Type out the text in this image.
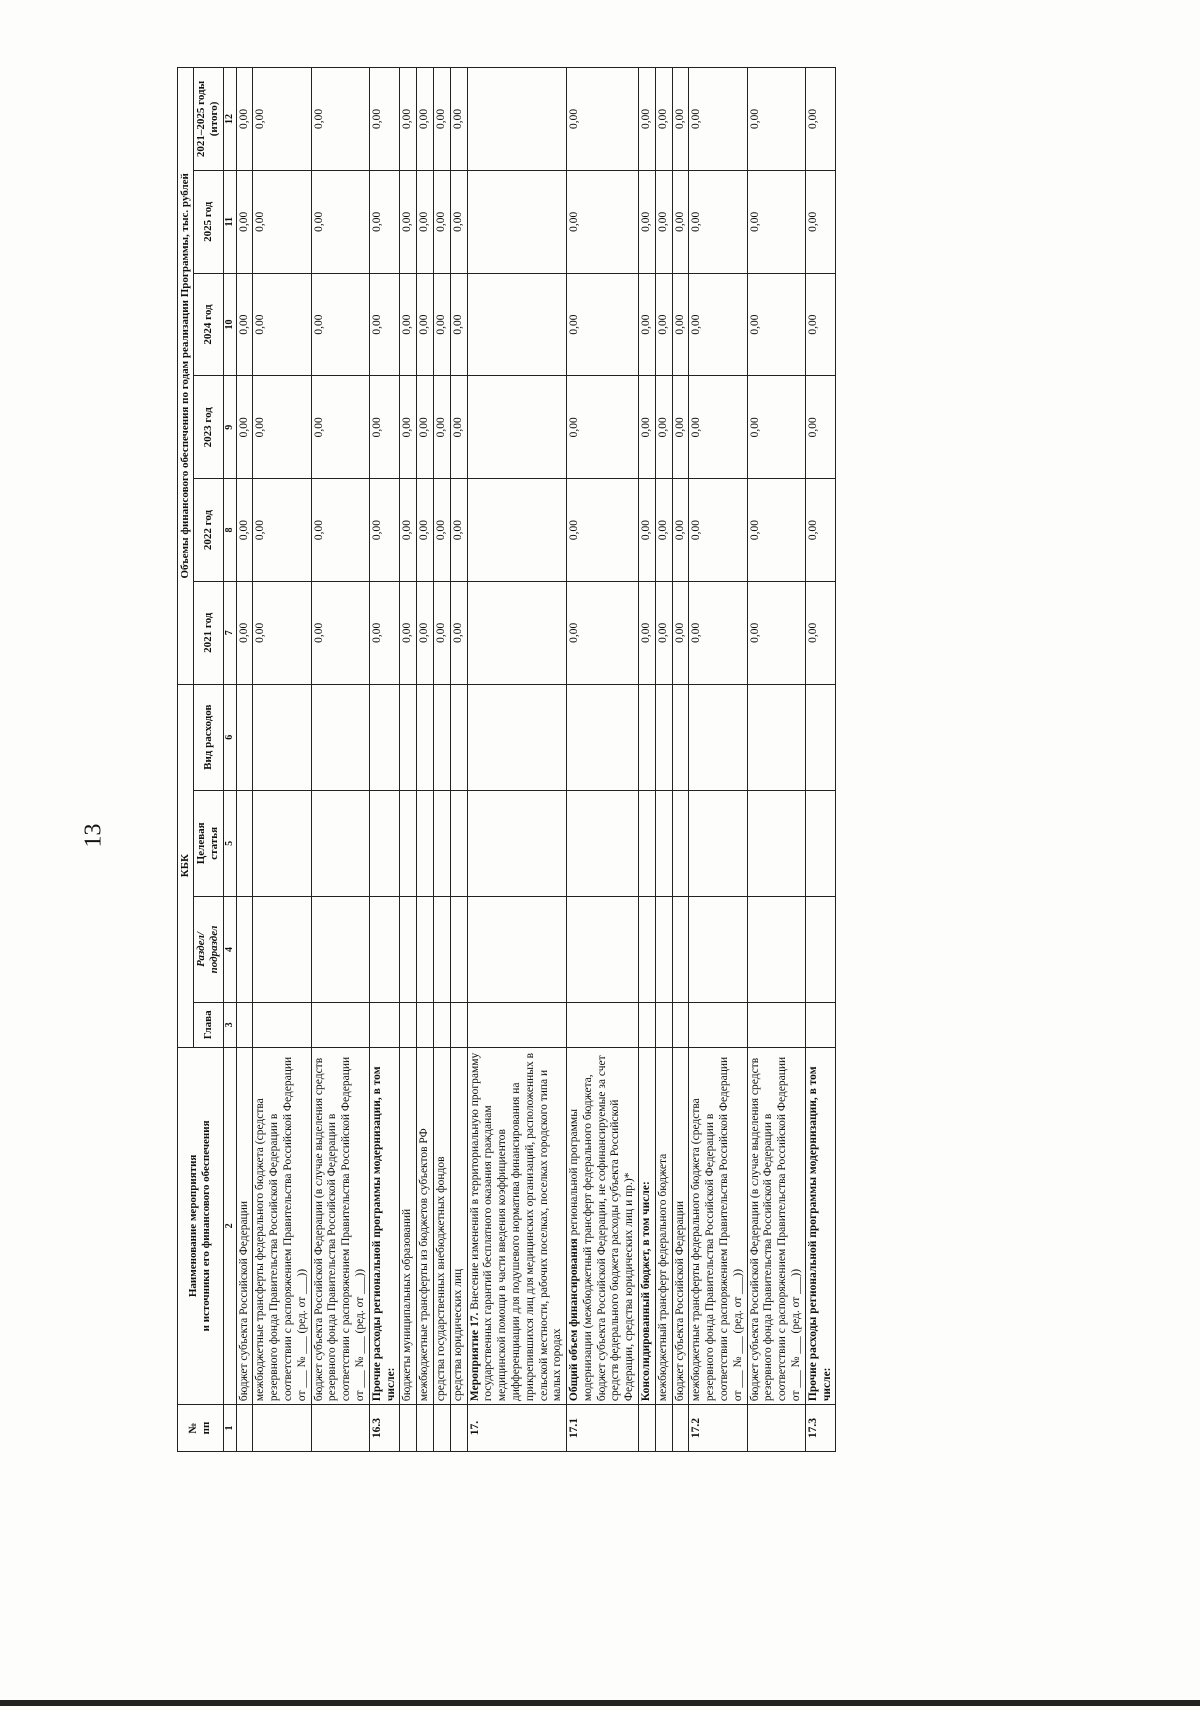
13
№
пп	Наименование мероприятия
и источники его финансового обеспечения	КБК				Объемы финансового обеспечения по годам реализации Программы, тыс. рублей					
		Глава	Раздел/
подраздел	Целевая
статья	Вид расходов	2021 год	2022 год	2023 год	2024 год	2025 год	2021–2025 годы
(итого)

1	2	3	4	5	6	7	8	9	10	11	12
	бюджет субъекта Российской Федерации					0,00	0,00	0,00	0,00	0,00	0,00
	межбюджетные трансферты федерального бюджета (средства резервного фонда Правительства Российской Федерации в соответствии с распоряжением Правительства Российской Федерации от ___ № ___ (ред. от ___))					0,00	0,00	0,00	0,00	0,00	0,00
	бюджет субъекта Российской Федерации (в случае выделения средств резервного фонда Правительства Российской Федерации в соответствии с распоряжением Правительства Российской Федерации от ___ № ___ (ред. от ___))					0,00	0,00	0,00	0,00	0,00	0,00
16.3	Прочие расходы региональной программы модернизации, в том числе:					0,00	0,00	0,00	0,00	0,00	0,00
	бюджеты муниципальных образований					0,00	0,00	0,00	0,00	0,00	0,00
	межбюджетные трансферты из бюджетов субъектов РФ					0,00	0,00	0,00	0,00	0,00	0,00
	средства государственных внебюджетных фондов					0,00	0,00	0,00	0,00	0,00	0,00
	средства юридических лиц					0,00	0,00	0,00	0,00	0,00	0,00
17.	Мероприятие 17. Внесение изменений в территориальную программу государственных гарантий бесплатного оказания гражданам медицинской помощи в части введения коэффициентов дифференциации для подушевого норматива финансирования на прикрепившихся лиц для медицинских организаций, расположенных в сельской местности, рабочих поселках, поселках городского типа и малых городах										
17.1	Общий объем финансирования региональной программы модернизации (межбюджетный трансферт федерального бюджета, бюджет субъекта Российской Федерации, не софинансируемые за счет средств федерального бюджета расходы субъекта Российской Федерации, средства юридических лиц и пр.)*					0,00	0,00	0,00	0,00	0,00	0,00
	Консолидированный бюджет, в том числе:					0,00	0,00	0,00	0,00	0,00	0,00
	межбюджетный трансферт федерального бюджета					0,00	0,00	0,00	0,00	0,00	0,00
	бюджет субъекта Российской Федерации					0,00	0,00	0,00	0,00	0,00	0,00
17.2	межбюджетные трансферты федерального бюджета (средства резервного фонда Правительства Российской Федерации в соответствии с распоряжением Правительства Российской Федерации от ___ № ___ (ред. от ___))					0,00	0,00	0,00	0,00	0,00	0,00
	бюджет субъекта Российской Федерации (в случае выделения средств резервного фонда Правительства Российской Федерации в соответствии с распоряжением Правительства Российской Федерации от ___ № ___ (ред. от ___))					0,00	0,00	0,00	0,00	0,00	0,00
17.3	Прочие расходы региональной программы модернизации, в том числе:					0,00	0,00	0,00	0,00	0,00	0,00
